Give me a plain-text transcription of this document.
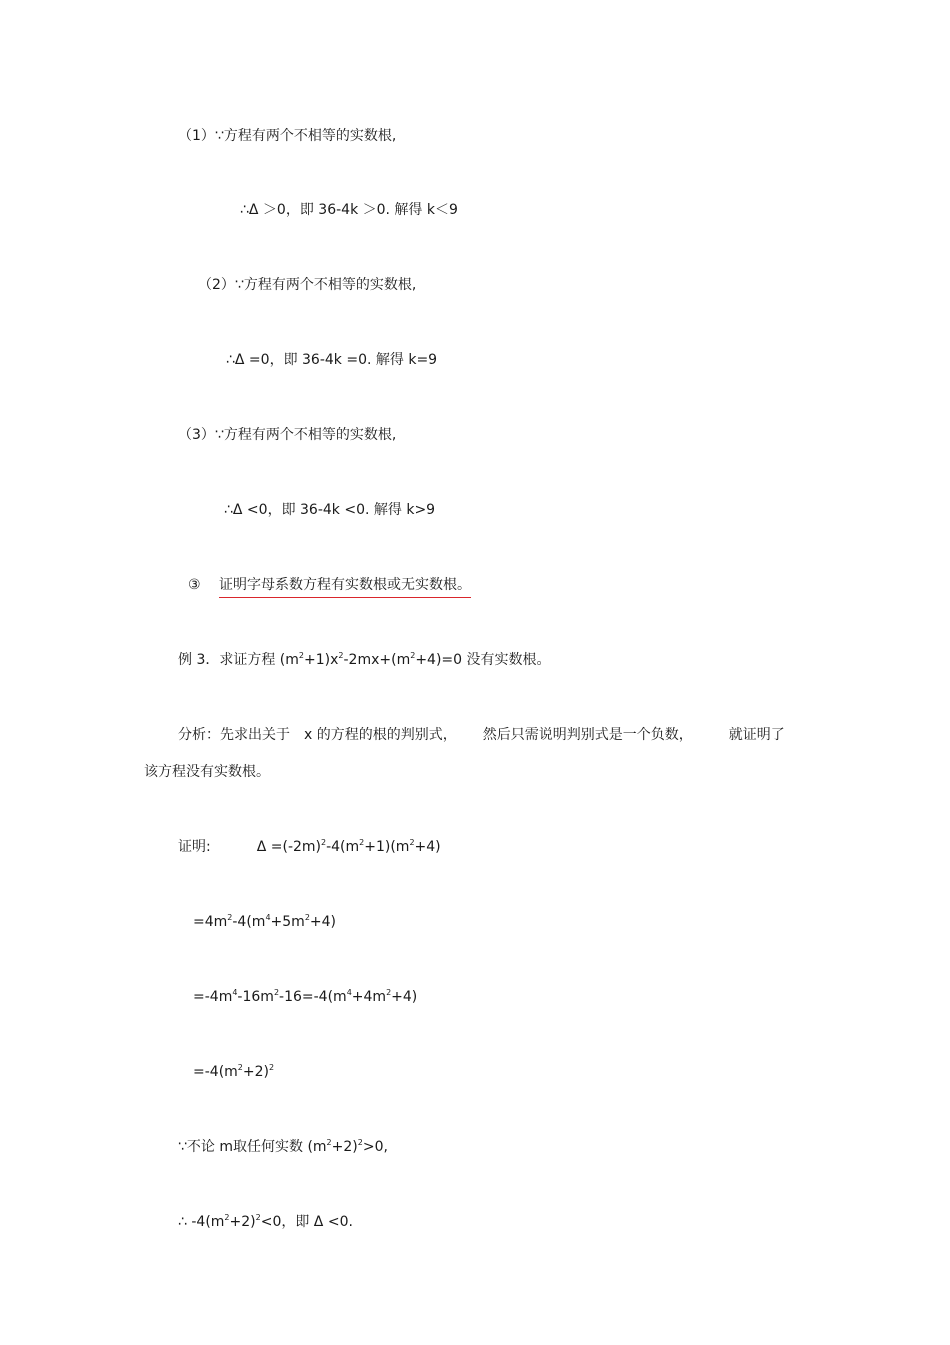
（1）∵方程有两个不相等的实数根,
∴Δ ＞0，即 36-4k ＞0. 解得 k＜9
（2）∵方程有两个不相等的实数根,
∴Δ =0，即 36-4k =0. 解得 k=9
（3）∵方程有两个不相等的实数根,
∴Δ <0，即 36-4k <0. 解得 k>9
③ 证明字母系数方程有实数根或无实数根。
例 3．求证方程 $(m^2+1)x^2-2mx+(m^2+4)=0$ 没有实数根。
分析：先求出关于 x 的方程的根的判别式， 然后只需说明判别式是一个负数，	就证明了
该方程没有实数根。
证明:	$\Delta =(-2m)^2-4(m^2+1)(m^2+4)$
$=4m^2-4(m^4+5m^2+4)$
$=-4m^4-16m^2-16=-4(m^4+4m^2+4)$
$=-4(m^2+2)^2$
∵不论 m取任何实数 $(m^2+2)^2>0$,
∴ $-4(m^2+2)^2<0$，即 Δ <0.
